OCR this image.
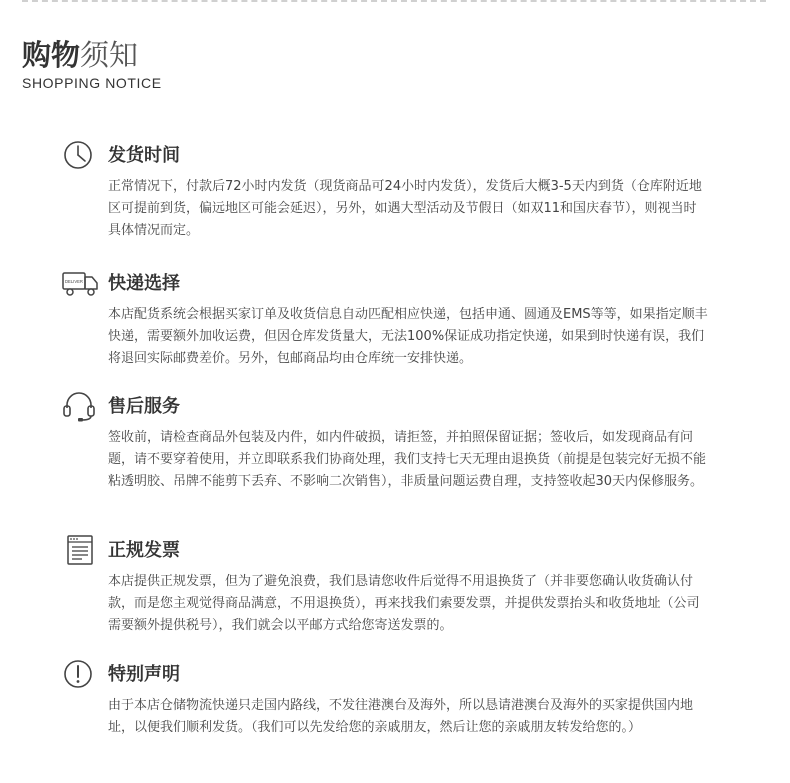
购物须知
SHOPPING NOTICE
发货时间
正常情况下，付款后72小时内发货（现货商品可24小时内发货），发货后大概3-5天内到货（仓库附近地区可提前到货，偏远地区可能会延迟），另外，如遇大型活动及节假日（如双11和国庆春节），则视当时具体情况而定。
DELIVER 快递选择
本店配货系统会根据买家订单及收货信息自动匹配相应快递，包括申通、圆通及EMS等等，如果指定顺丰快递，需要额外加收运费，但因仓库发货量大，无法100%保证成功指定快递，如果到时快递有误，我们将退回实际邮费差价。另外，包邮商品均由仓库统一安排快递。
售后服务
签收前，请检查商品外包装及内件，如内件破损，请拒签，并拍照保留证据；签收后，如发现商品有问题，请不要穿着使用，并立即联系我们协商处理，我们支持七天无理由退换货（前提是包装完好无损不能粘透明胶、吊牌不能剪下丢弃、不影响二次销售），非质量问题运费自理，支持签收起30天内保修服务。
正规发票
本店提供正规发票，但为了避免浪费，我们恳请您收件后觉得不用退换货了（并非要您确认收货确认付款，而是您主观觉得商品满意，不用退换货），再来找我们索要发票，并提供发票抬头和收货地址（公司需要额外提供税号），我们就会以平邮方式给您寄送发票的。
特别声明
由于本店仓储物流快递只走国内路线，不发往港澳台及海外，所以恳请港澳台及海外的买家提供国内地址，以便我们顺利发货。（我们可以先发给您的亲戚朋友，然后让您的亲戚朋友转发给您的。）
